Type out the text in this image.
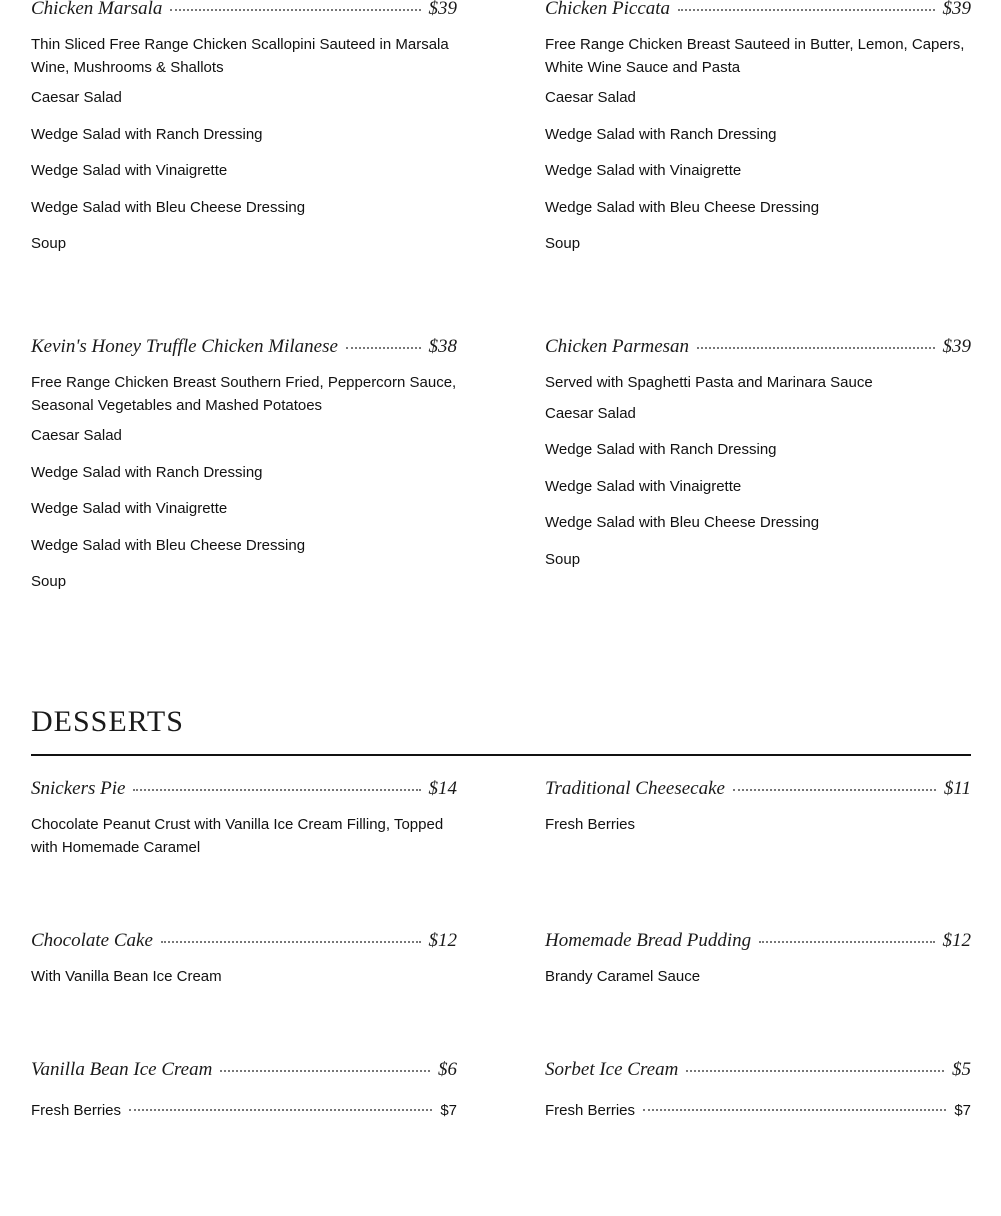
Chicken Marsala	$39
Thin Sliced Free Range Chicken Scallopini Sauteed in Marsala Wine, Mushrooms & Shallots
Caesar Salad
Wedge Salad with Ranch Dressing
Wedge Salad with Vinaigrette
Wedge Salad with Bleu Cheese Dressing
Soup
Chicken Piccata	$39
Free Range Chicken Breast Sauteed in Butter, Lemon, Capers, White Wine Sauce and Pasta
Caesar Salad
Wedge Salad with Ranch Dressing
Wedge Salad with Vinaigrette
Wedge Salad with Bleu Cheese Dressing
Soup
Kevin's Honey Truffle Chicken Milanese	$38
Free Range Chicken Breast Southern Fried, Peppercorn Sauce, Seasonal Vegetables and Mashed Potatoes
Caesar Salad
Wedge Salad with Ranch Dressing
Wedge Salad with Vinaigrette
Wedge Salad with Bleu Cheese Dressing
Soup
Chicken Parmesan	$39
Served with Spaghetti Pasta and Marinara Sauce
Caesar Salad
Wedge Salad with Ranch Dressing
Wedge Salad with Vinaigrette
Wedge Salad with Bleu Cheese Dressing
Soup
DESSERTS
Snickers Pie	$14
Chocolate Peanut Crust with Vanilla Ice Cream Filling, Topped with Homemade Caramel
Traditional Cheesecake	$11
Fresh Berries
Chocolate Cake	$12
With Vanilla Bean Ice Cream
Homemade Bread Pudding	$12
Brandy Caramel Sauce
Vanilla Bean Ice Cream	$6
Fresh Berries	$7
Sorbet Ice Cream	$5
Fresh Berries	$7
